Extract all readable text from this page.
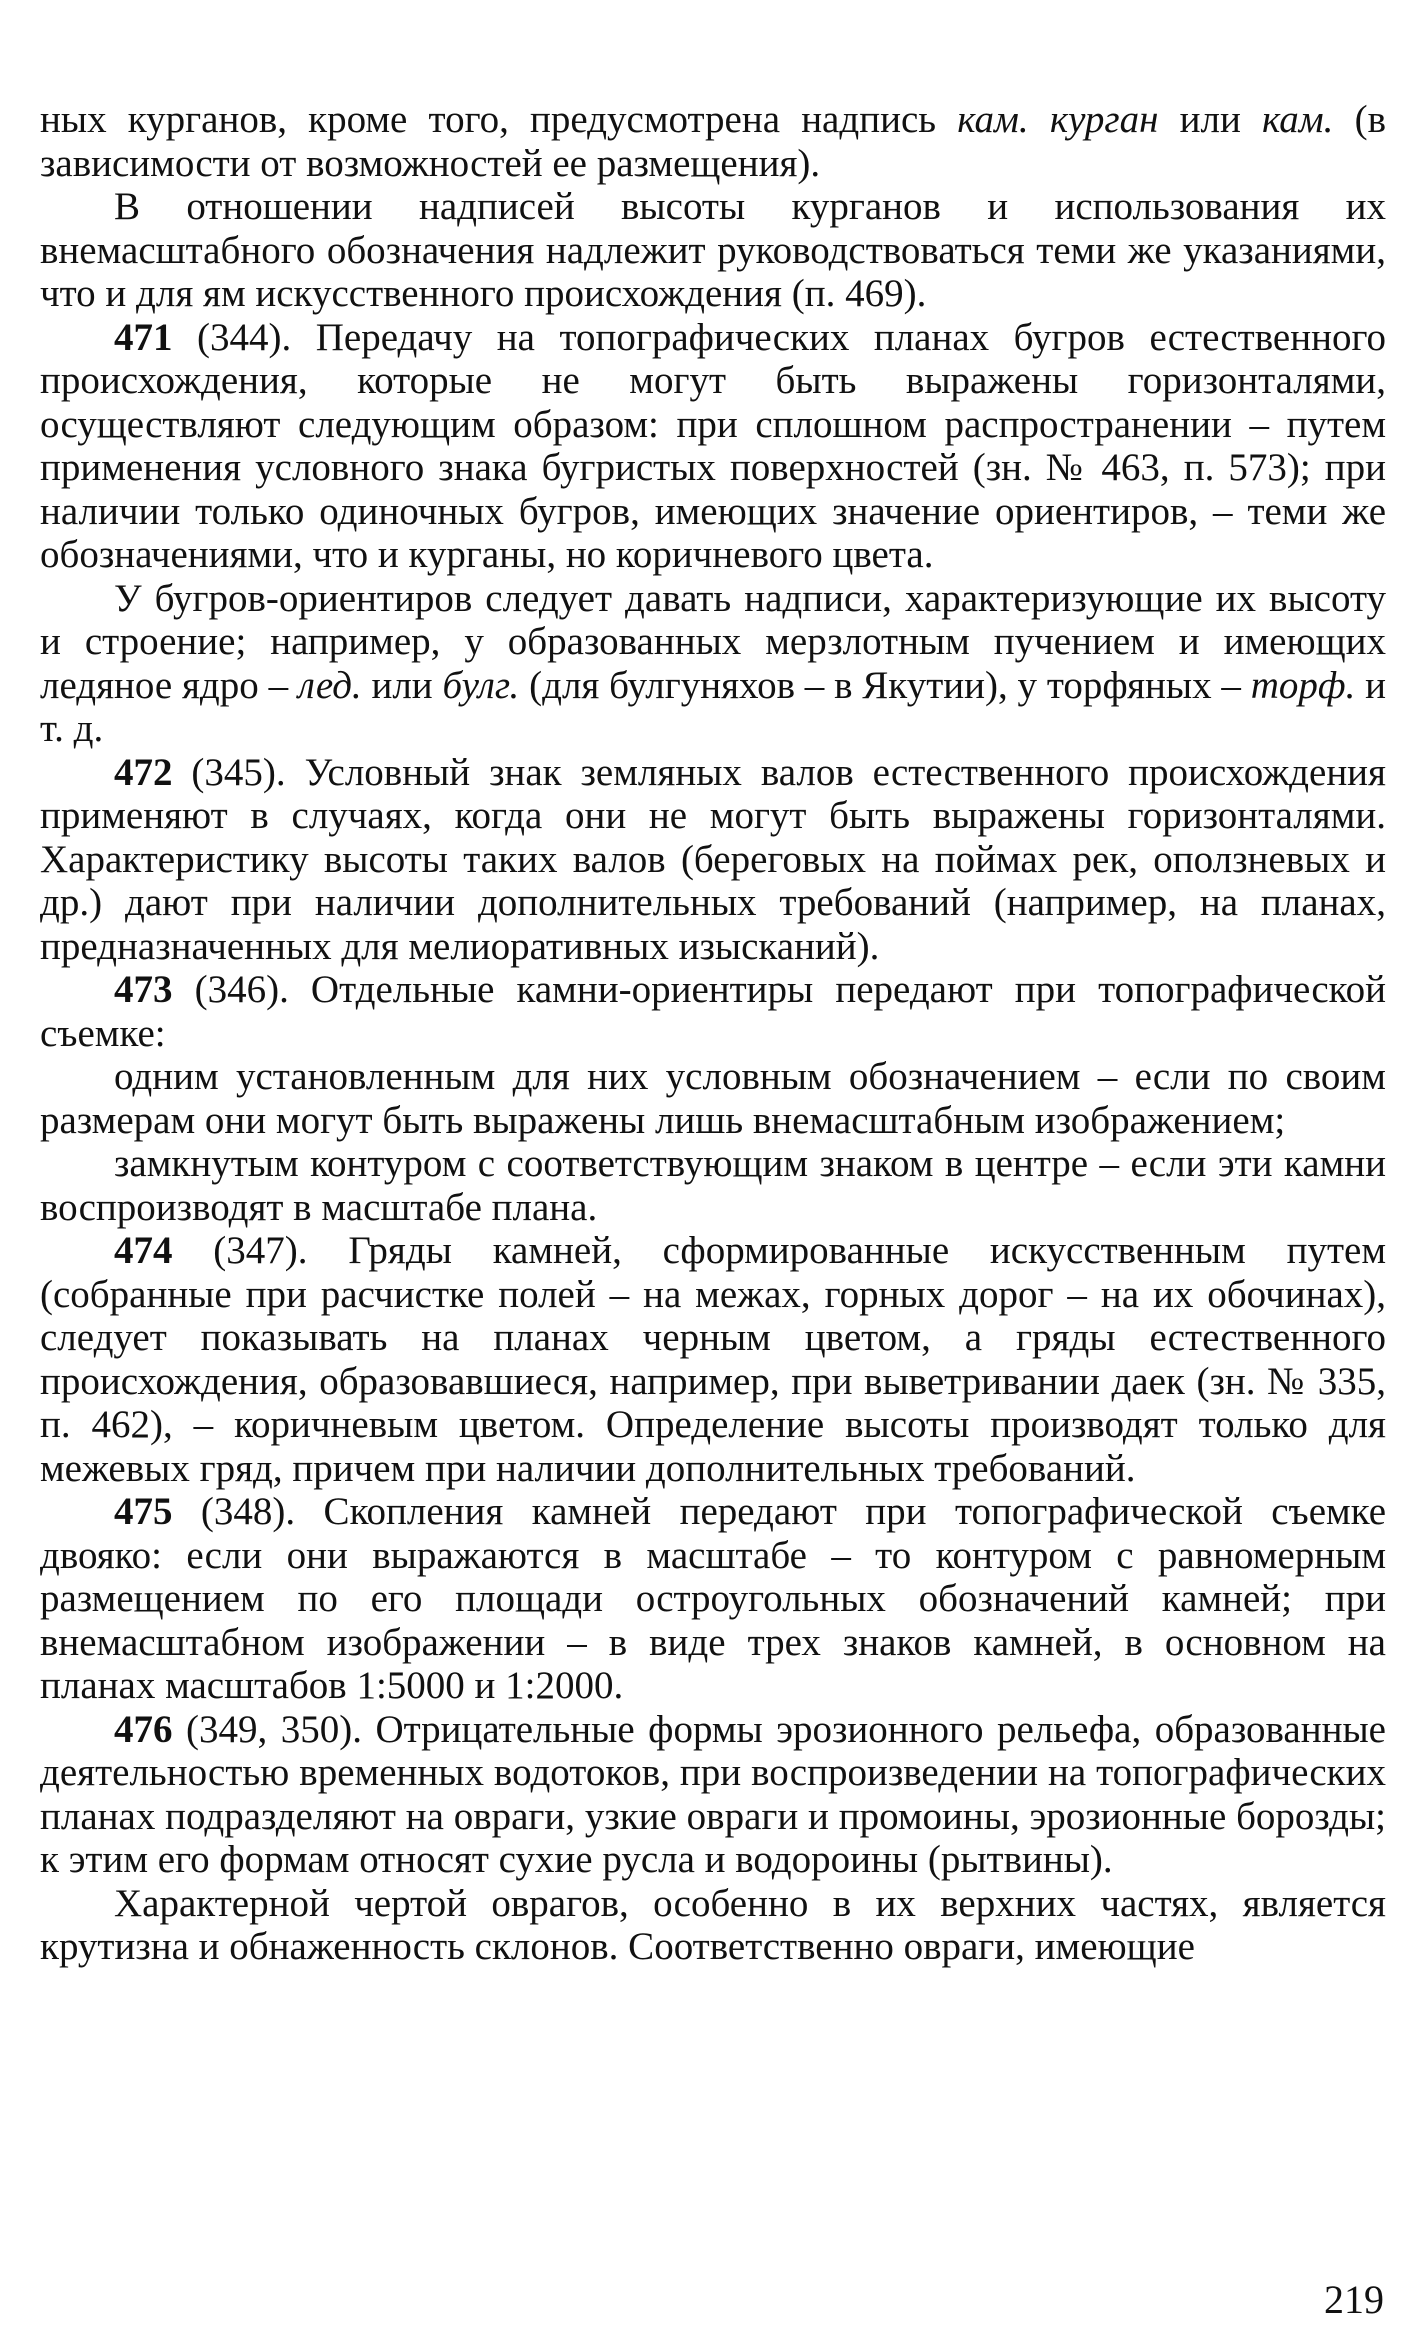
ных курганов, кроме того, предусмотрена надпись кам. курган или кам. (в зависимости от возможностей ее размещения).

В отношении надписей высоты курганов и использования их внемасштабного обозначения надлежит руководствоваться теми же указаниями, что и для ям искусственного происхождения (п. 469).

471 (344). Передачу на топографических планах бугров естественного происхождения, которые не могут быть выражены горизонталями, осуществляют следующим образом: при сплошном распространении – путем применения условного знака бугристых поверхностей (зн. № 463, п. 573); при наличии только одиночных бугров, имеющих значение ориентиров, – теми же обозначениями, что и курганы, но коричневого цвета.

У бугров-ориентиров следует давать надписи, характеризующие их высоту и строение; например, у образованных мерзлотным пучением и имеющих ледяное ядро – лед. или булг. (для булгуняхов – в Якутии), у торфяных – торф. и т. д.

472 (345). Условный знак земляных валов естественного происхождения применяют в случаях, когда они не могут быть выражены горизонталями. Характеристику высоты таких валов (береговых на поймах рек, оползневых и др.) дают при наличии дополнительных требований (например, на планах, предназначенных для мелиоративных изысканий).

473 (346). Отдельные камни-ориентиры передают при топографической съемке:

одним установленным для них условным обозначением – если по своим размерам они могут быть выражены лишь внемасштабным изображением;

замкнутым контуром с соответствующим знаком в центре – если эти камни воспроизводят в масштабе плана.

474 (347). Гряды камней, сформированные искусственным путем (собранные при расчистке полей – на межах, горных дорог – на их обочинах), следует показывать на планах черным цветом, а гряды естественного происхождения, образовавшиеся, например, при выветривании даек (зн. № 335, п. 462), – коричневым цветом. Определение высоты производят только для межевых гряд, причем при наличии дополнительных требований.

475 (348). Скопления камней передают при топографической съемке двояко: если они выражаются в масштабе – то контуром с равномерным размещением по его площади остроугольных обозначений камней; при внемасштабном изображении – в виде трех знаков камней, в основном на планах масштабов 1:5000 и 1:2000.

476 (349, 350). Отрицательные формы эрозионного рельефа, образованные деятельностью временных водотоков, при воспроизведении на топографических планах подразделяют на овраги, узкие овраги и промоины, эрозионные борозды; к этим его формам относят сухие русла и водороины (рытвины).

Характерной чертой оврагов, особенно в их верхних частях, является крутизна и обнаженность склонов. Соответственно овраги, имеющие

219
